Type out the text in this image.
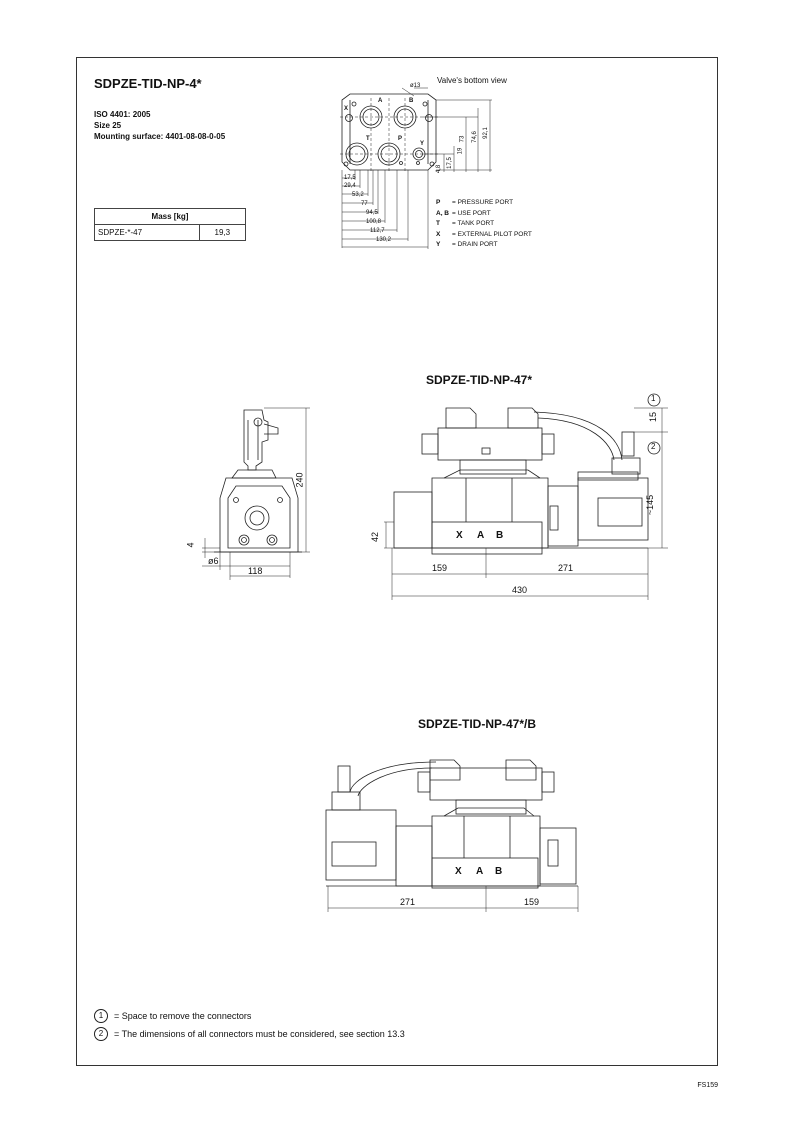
SDPZE-TID-NP-4*
ISO 4401: 2005
Size 25
Mounting surface: 4401-08-08-0-05
Mass [kg]
SDPZE-*-47	19,3
Valve's bottom view
P = PRESSURE PORT
A, B = USE PORT
T = TANK PORT
X = EXTERNAL PILOT PORT
Y = DRAIN PORT
SDPZE-TID-NP-47*
SDPZE-TID-NP-47*/B
ø13
A	B
T	P
X
Y
4,8
17,5
19
73 74,6 92,1
17,5
29,4
53,2
77
94,5
100,8
112,7
130,2
240
4
ø6
118
42
159	271
430
15
~145
1
2
X A B
271	159
X A B
1	= Space to remove the connectors
2	= The dimensions of all connectors must be considered, see section 13.3
FS159
